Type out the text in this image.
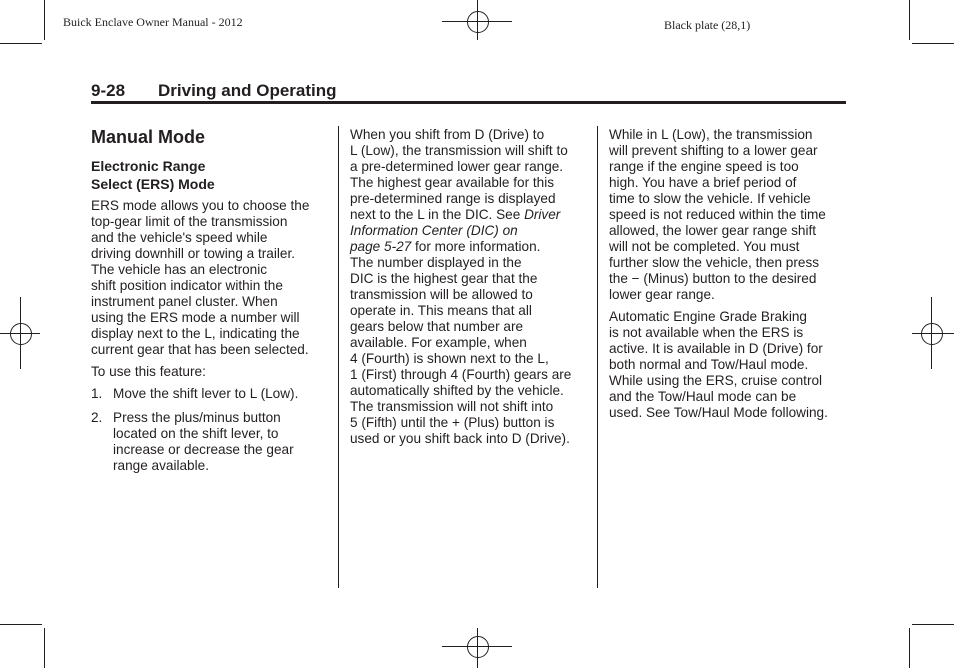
Buick Enclave Owner Manual - 2012	Black plate (28,1)
9-28 Driving and Operating
Manual Mode
Electronic Range
Select (ERS) Mode
ERS mode allows you to choose the
top-gear limit of the transmission
and the vehicle's speed while
driving downhill or towing a trailer.
The vehicle has an electronic
shift position indicator within the
instrument panel cluster. When
using the ERS mode a number will
display next to the L, indicating the
current gear that has been selected.

To use this feature:

1. Move the shift lever to L (Low).
2. Press the plus/minus button
located on the shift lever, to
increase or decrease the gear
range available.
When you shift from D (Drive) to
L (Low), the transmission will shift to
a pre-determined lower gear range.
The highest gear available for this
pre-determined range is displayed
next to the L in the DIC. See Driver
Information Center (DIC) on
page 5-27 for more information.
The number displayed in the
DIC is the highest gear that the
transmission will be allowed to
operate in. This means that all
gears below that number are
available. For example, when
4 (Fourth) is shown next to the L,
1 (First) through 4 (Fourth) gears are
automatically shifted by the vehicle.
The transmission will not shift into
5 (Fifth) until the + (Plus) button is
used or you shift back into D (Drive).
While in L (Low), the transmission
will prevent shifting to a lower gear
range if the engine speed is too
high. You have a brief period of
time to slow the vehicle. If vehicle
speed is not reduced within the time
allowed, the lower gear range shift
will not be completed. You must
further slow the vehicle, then press
the − (Minus) button to the desired
lower gear range.
Automatic Engine Grade Braking
is not available when the ERS is
active. It is available in D (Drive) for
both normal and Tow/Haul mode.
While using the ERS, cruise control
and the Tow/Haul mode can be
used. See Tow/Haul Mode following.
